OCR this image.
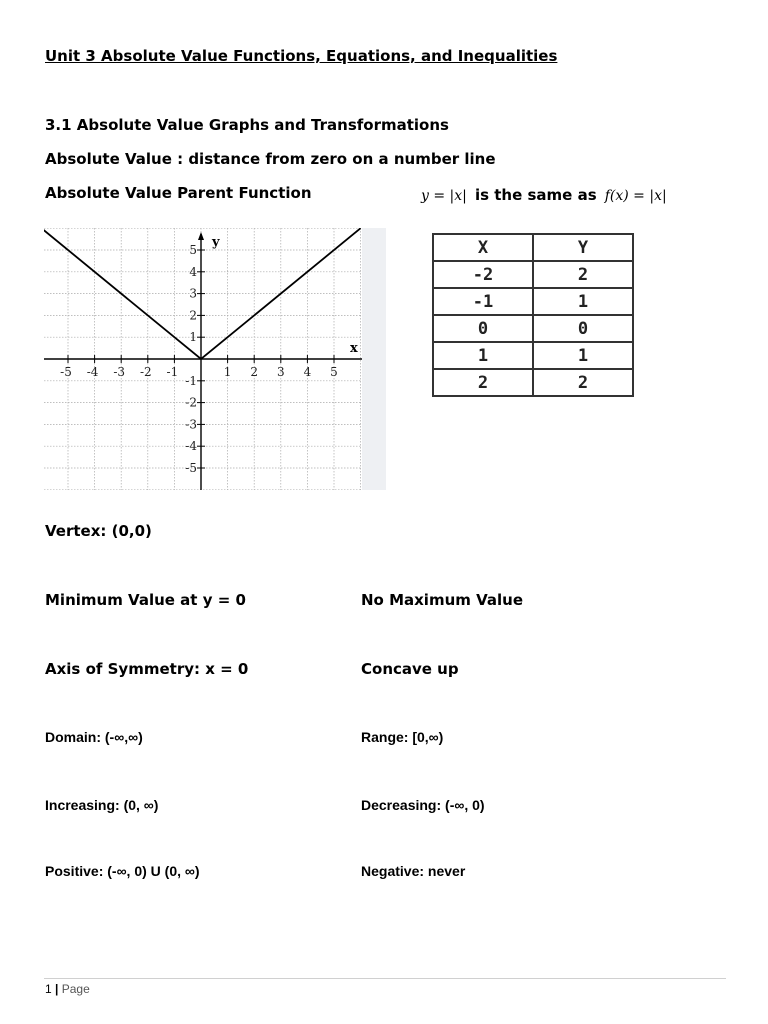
Unit 3 Absolute Value Functions, Equations, and Inequalities
3.1 Absolute Value Graphs and Transformations
Absolute Value : distance from zero on a number line
Absolute Value Parent Function	y = |x| is the same as f(x) = |x|
-5 -4 -3 -2 -1	1 2 3 4 5
5
4
3
2
1
-1
-2
-3
-4
-5
x
y	X	Y
-2	2
-1	1
0	0
1	1
2	2
Vertex: (0,0)
Minimum Value at y = 0	No Maximum Value
Axis of Symmetry: x = 0	Concave up
Domain: (-∞,∞)	Range: [0,∞)
Increasing: (0, ∞)	Decreasing: (-∞, 0)
Positive: (-∞, 0) U (0, ∞)	Negative: never
1 | Page
